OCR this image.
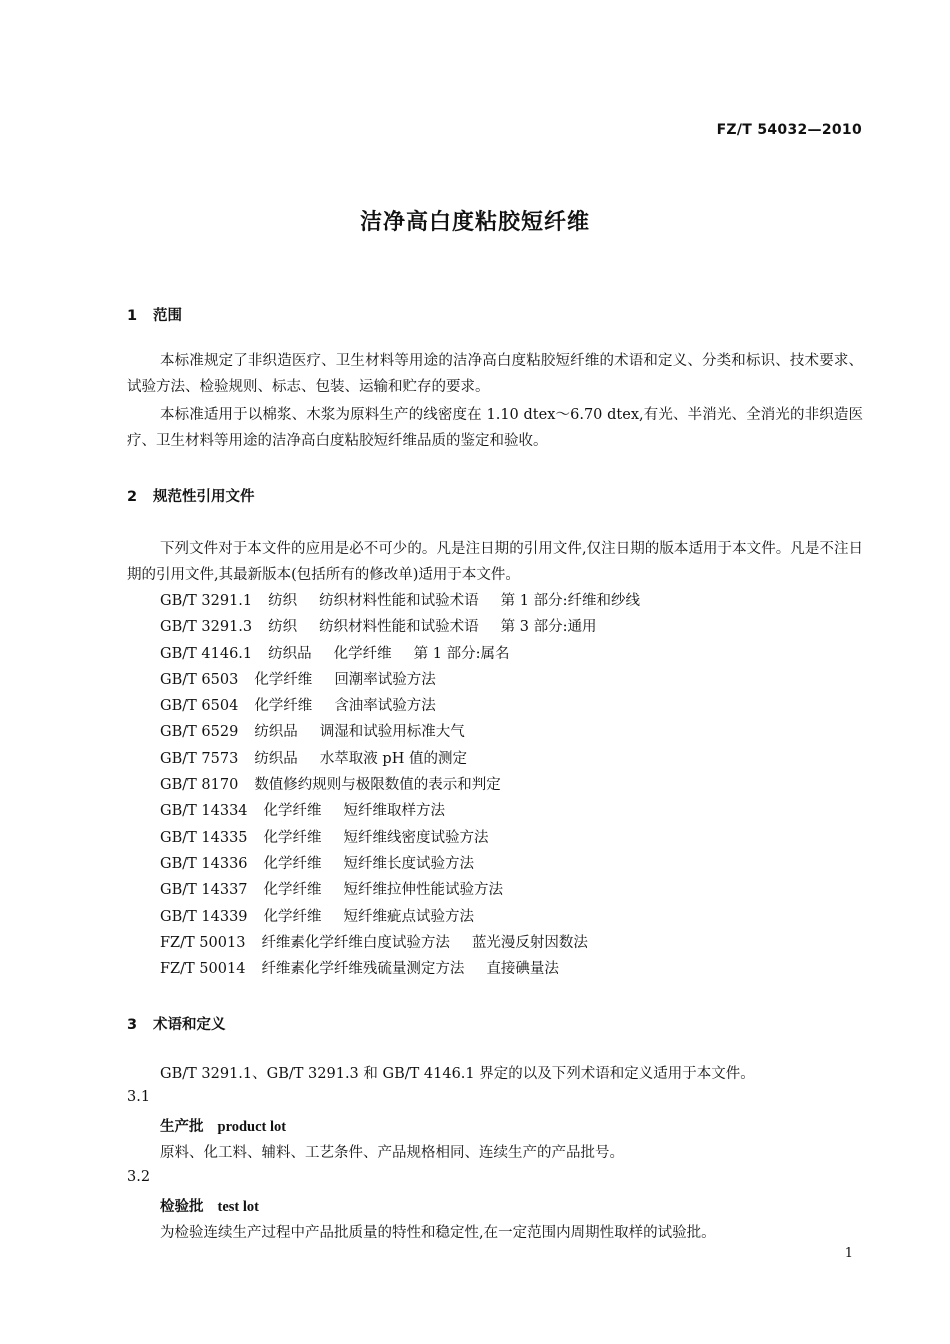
FZ/T 54032—2010
洁净高白度粘胶短纤维
1 范围

本标准规定了非织造医疗、卫生材料等用途的洁净高白度粘胶短纤维的术语和定义、分类和标识、技术要求、试验方法、检验规则、标志、包装、运输和贮存的要求。

本标准适用于以棉浆、木浆为原料生产的线密度在 1.10 dtex～6.70 dtex,有光、半消光、全消光的非织造医疗、卫生材料等用途的洁净高白度粘胶短纤维品质的鉴定和验收。

2 规范性引用文件

下列文件对于本文件的应用是必不可少的。凡是注日期的引用文件,仅注日期的版本适用于本文件。凡是不注日期的引用文件,其最新版本(包括所有的修改单)适用于本文件。

GB/T 3291.1 纺织 纺织材料性能和试验术语 第 1 部分:纤维和纱线
GB/T 3291.3 纺织 纺织材料性能和试验术语 第 3 部分:通用
GB/T 4146.1 纺织品 化学纤维 第 1 部分:属名
GB/T 6503 化学纤维 回潮率试验方法
GB/T 6504 化学纤维 含油率试验方法
GB/T 6529 纺织品 调湿和试验用标准大气
GB/T 7573 纺织品 水萃取液 pH 值的测定
GB/T 8170 数值修约规则与极限数值的表示和判定
GB/T 14334 化学纤维 短纤维取样方法
GB/T 14335 化学纤维 短纤维线密度试验方法
GB/T 14336 化学纤维 短纤维长度试验方法
GB/T 14337 化学纤维 短纤维拉伸性能试验方法
GB/T 14339 化学纤维 短纤维疵点试验方法
FZ/T 50013 纤维素化学纤维白度试验方法 蓝光漫反射因数法
FZ/T 50014 纤维素化学纤维残硫量测定方法 直接碘量法
3 术语和定义
GB/T 3291.1、GB/T 3291.3 和 GB/T 4146.1 界定的以及下列术语和定义适用于本文件。
3.1
生产批 product lot
原料、化工料、辅料、工艺条件、产品规格相同、连续生产的产品批号。
3.2
检验批 test lot
为检验连续生产过程中产品批质量的特性和稳定性,在一定范围内周期性取样的试验批。
1
